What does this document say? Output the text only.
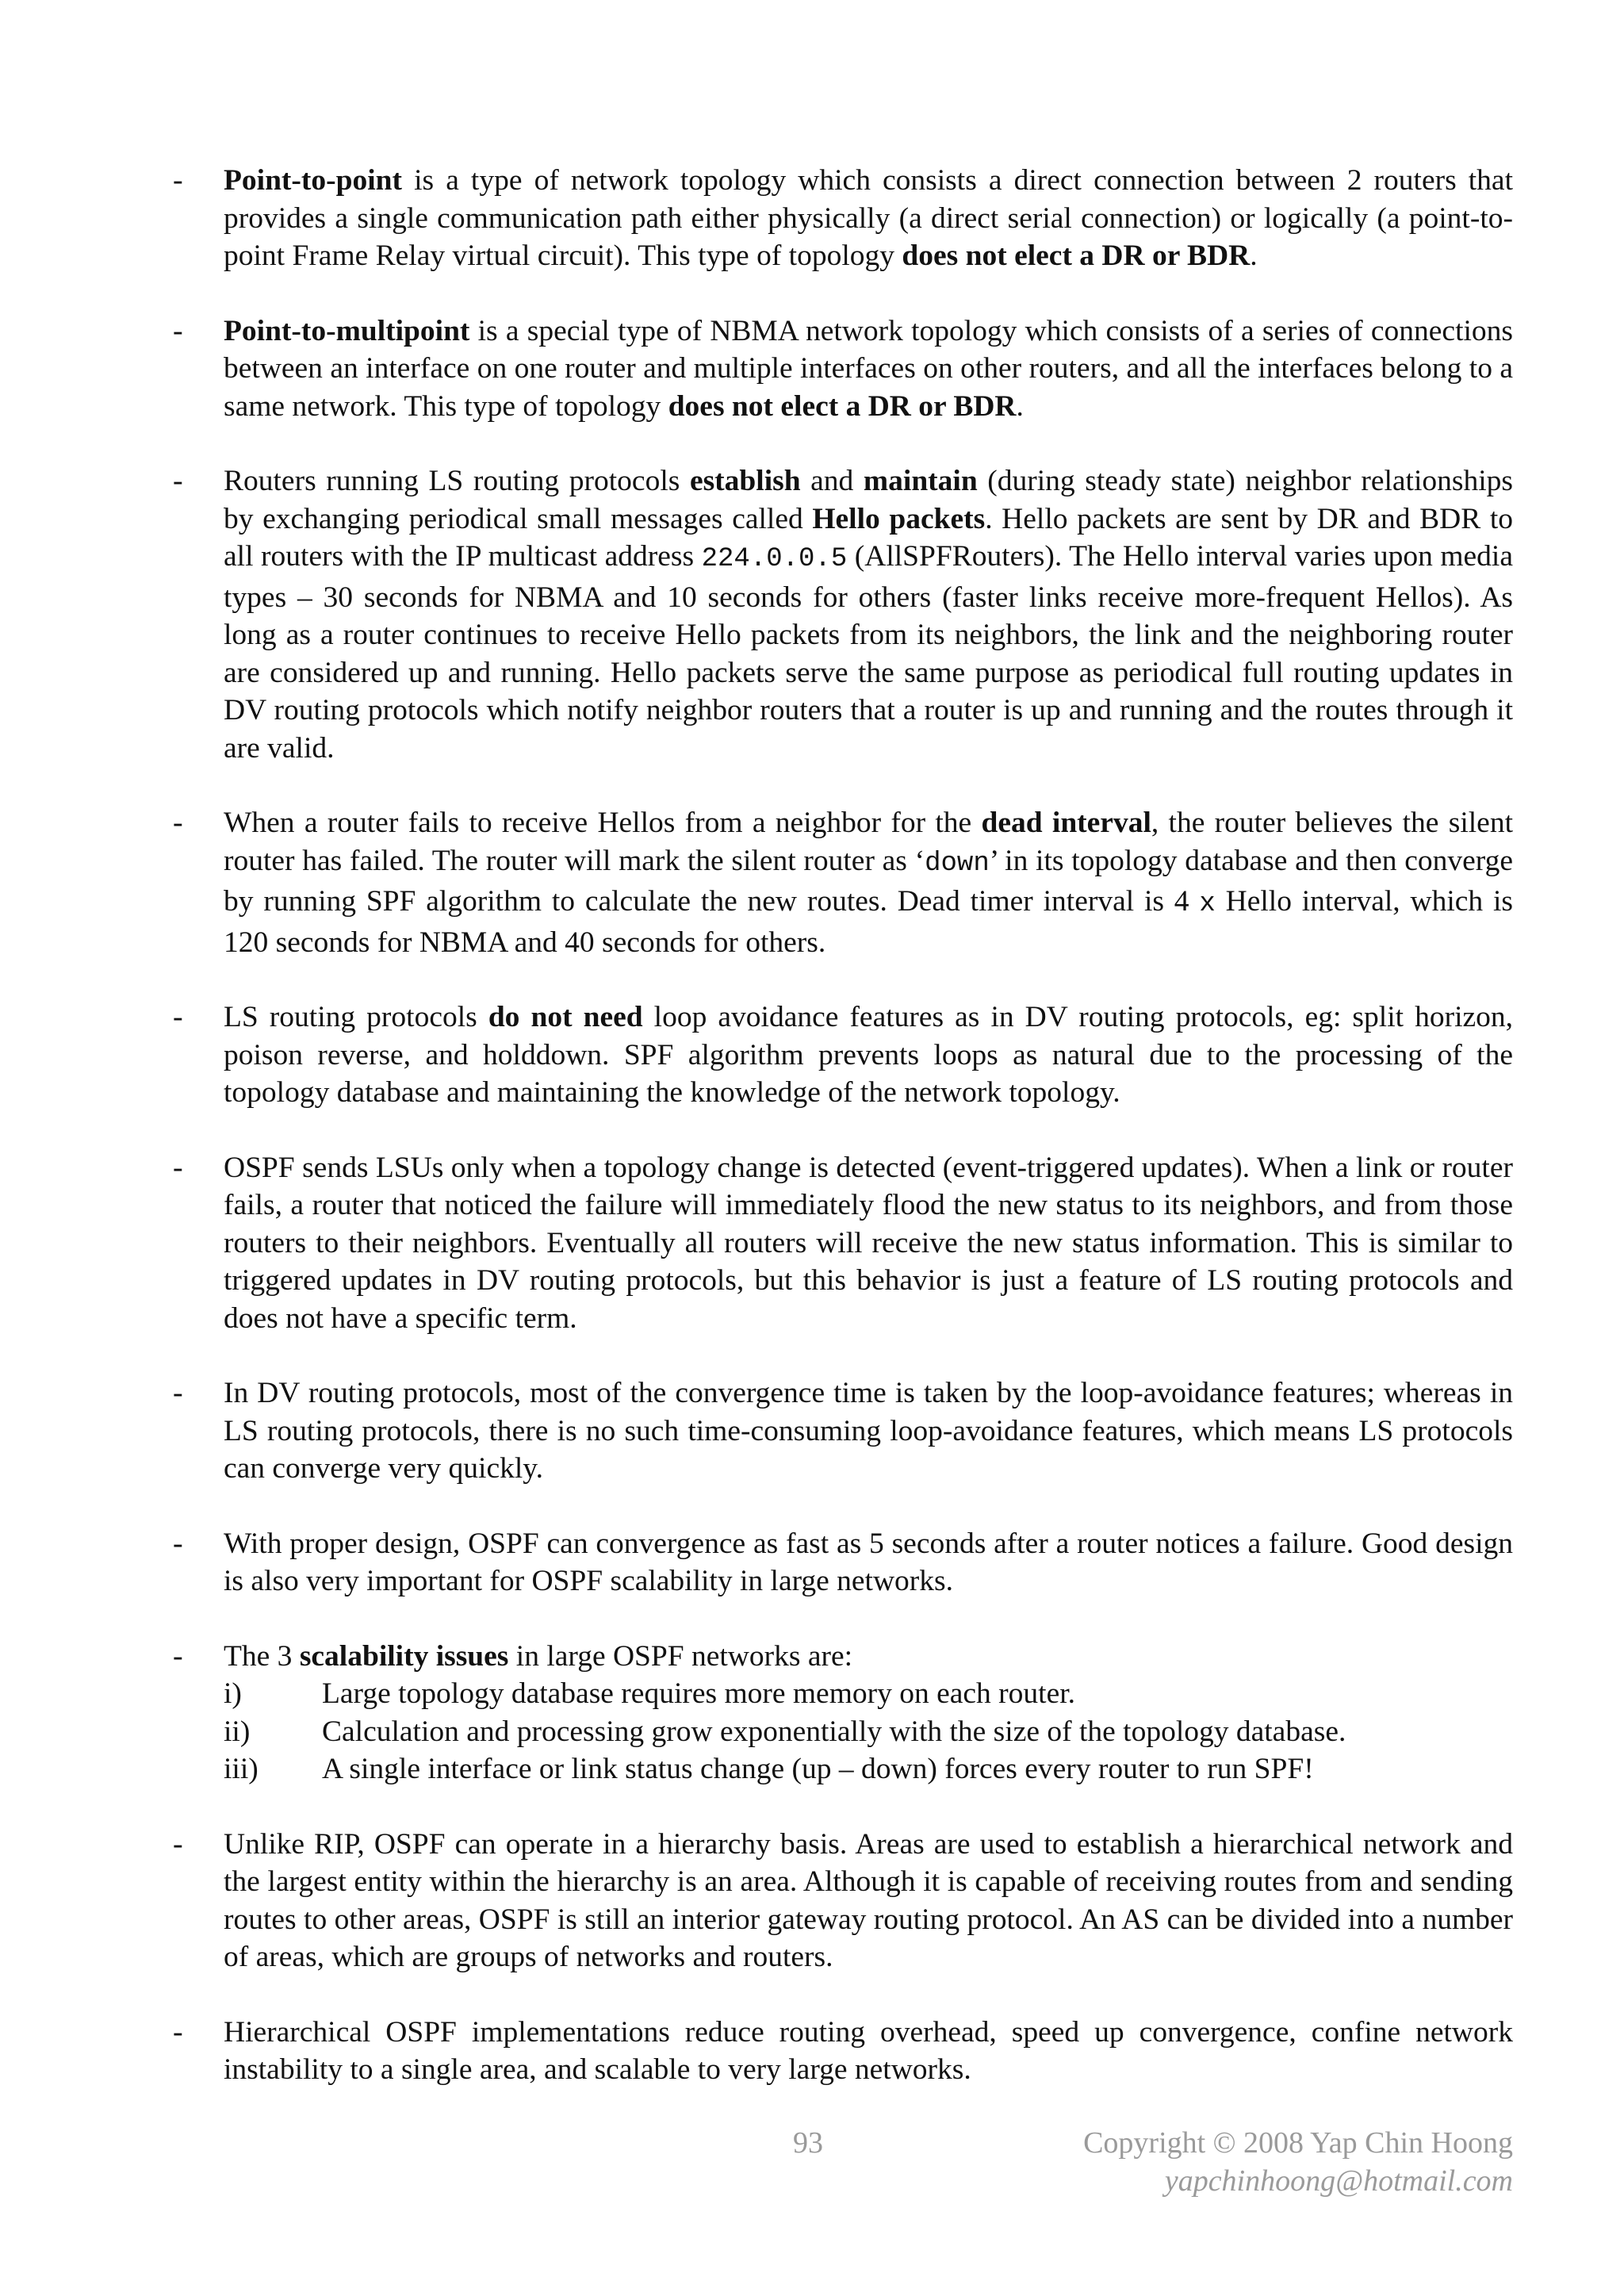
- Point-to-point is a type of network topology which consists a direct connection between 2 routers that provides a single communication path either physically (a direct serial connection) or logically (a point-to-point Frame Relay virtual circuit). This type of topology does not elect a DR or BDR.

- Point-to-multipoint is a special type of NBMA network topology which consists of a series of connections between an interface on one router and multiple interfaces on other routers, and all the interfaces belong to a same network. This type of topology does not elect a DR or BDR.

- Routers running LS routing protocols establish and maintain (during steady state) neighbor relationships by exchanging periodical small messages called Hello packets. Hello packets are sent by DR and BDR to all routers with the IP multicast address 224.0.0.5 (AllSPFRouters). The Hello interval varies upon media types – 30 seconds for NBMA and 10 seconds for others (faster links receive more-frequent Hellos). As long as a router continues to receive Hello packets from its neighbors, the link and the neighboring router are considered up and running. Hello packets serve the same purpose as periodical full routing updates in DV routing protocols which notify neighbor routers that a router is up and running and the routes through it are valid.

- When a router fails to receive Hellos from a neighbor for the dead interval, the router believes the silent router has failed. The router will mark the silent router as ‘down’ in its topology database and then converge by running SPF algorithm to calculate the new routes. Dead timer interval is 4 x Hello interval, which is 120 seconds for NBMA and 40 seconds for others.

- LS routing protocols do not need loop avoidance features as in DV routing protocols, eg: split horizon, poison reverse, and holddown. SPF algorithm prevents loops as natural due to the processing of the topology database and maintaining the knowledge of the network topology.

- OSPF sends LSUs only when a topology change is detected (event-triggered updates). When a link or router fails, a router that noticed the failure will immediately flood the new status to its neighbors, and from those routers to their neighbors. Eventually all routers will receive the new status information. This is similar to triggered updates in DV routing protocols, but this behavior is just a feature of LS routing protocols and does not have a specific term.

- In DV routing protocols, most of the convergence time is taken by the loop-avoidance features; whereas in LS routing protocols, there is no such time-consuming loop-avoidance features, which means LS protocols can converge very quickly.

- With proper design, OSPF can convergence as fast as 5 seconds after a router notices a failure. Good design is also very important for OSPF scalability in large networks.

- The 3 scalability issues in large OSPF networks are:

i)	Large topology database requires more memory on each router.
ii) Calculation and processing grow exponentially with the size of the topology database.
iii) A single interface or link status change (up – down) forces every router to run SPF!

- Unlike RIP, OSPF can operate in a hierarchy basis. Areas are used to establish a hierarchical network and the largest entity within the hierarchy is an area. Although it is capable of receiving routes from and sending routes to other areas, OSPF is still an interior gateway routing protocol. An AS can be divided into a number of areas, which are groups of networks and routers.

- Hierarchical OSPF implementations reduce routing overhead, speed up convergence, confine network instability to a single area, and scalable to very large networks.

93	Copyright © 2008 Yap Chin Hoong
yapchinhoong@hotmail.com
